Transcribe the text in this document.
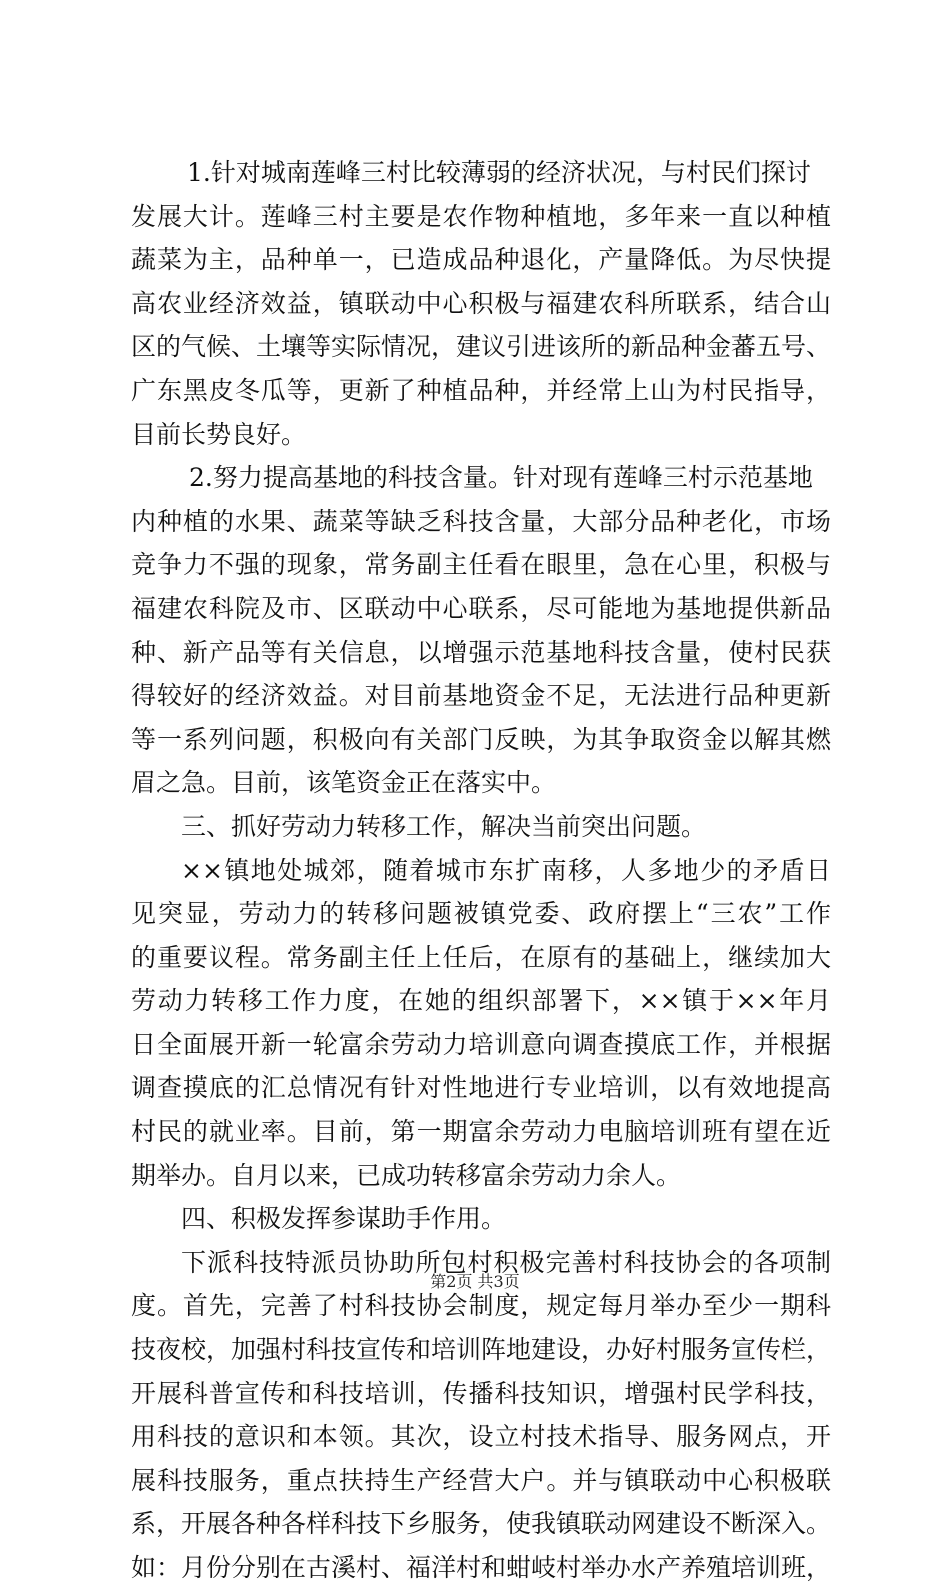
1.针对城南莲峰三村比较薄弱的经济状况，与村民们探讨
发展大计。莲峰三村主要是农作物种植地，多年来一直以种植
蔬菜为主，品种单一，已造成品种退化，产量降低。为尽快提
高农业经济效益，镇联动中心积极与福建农科所联系，结合山
区的气候、土壤等实际情况，建议引进该所的新品种金蕃五号、
广东黑皮冬瓜等，更新了种植品种，并经常上山为村民指导，
目前长势良好。
2.努力提高基地的科技含量。针对现有莲峰三村示范基地
内种植的水果、蔬菜等缺乏科技含量，大部分品种老化，市场
竞争力不强的现象，常务副主任看在眼里，急在心里，积极与
福建农科院及市、区联动中心联系，尽可能地为基地提供新品
种、新产品等有关信息，以增强示范基地科技含量，使村民获
得较好的经济效益。对目前基地资金不足，无法进行品种更新
等一系列问题，积极向有关部门反映，为其争取资金以解其燃
眉之急。目前，该笔资金正在落实中。
三、抓好劳动力转移工作，解决当前突出问题。
××镇地处城郊，随着城市东扩南移，人多地少的矛盾日
见突显，劳动力的转移问题被镇党委、政府摆上“三农”工作
的重要议程。常务副主任上任后，在原有的基础上，继续加大
劳动力转移工作力度，在她的组织部署下，××镇于××年月
日全面展开新一轮富余劳动力培训意向调查摸底工作，并根据
调查摸底的汇总情况有针对性地进行专业培训，以有效地提高
村民的就业率。目前，第一期富余劳动力电脑培训班有望在近
期举办。自月以来，已成功转移富余劳动力余人。
四、积极发挥参谋助手作用。
下派科技特派员协助所包村积极完善村科技协会的各项制
度。首先，完善了村科技协会制度，规定每月举办至少一期科
技夜校，加强村科技宣传和培训阵地建设，办好村服务宣传栏，
开展科普宣传和科技培训，传播科技知识，增强村民学科技，
用科技的意识和本领。其次，设立村技术指导、服务网点，开
展科技服务，重点扶持生产经营大户。并与镇联动中心积极联
系，开展各种各样科技下乡服务，使我镇联动网建设不断深入。
如：月份分别在古溪村、福洋村和蚶岐村举办水产养殖培训班，
第2页 共3页
